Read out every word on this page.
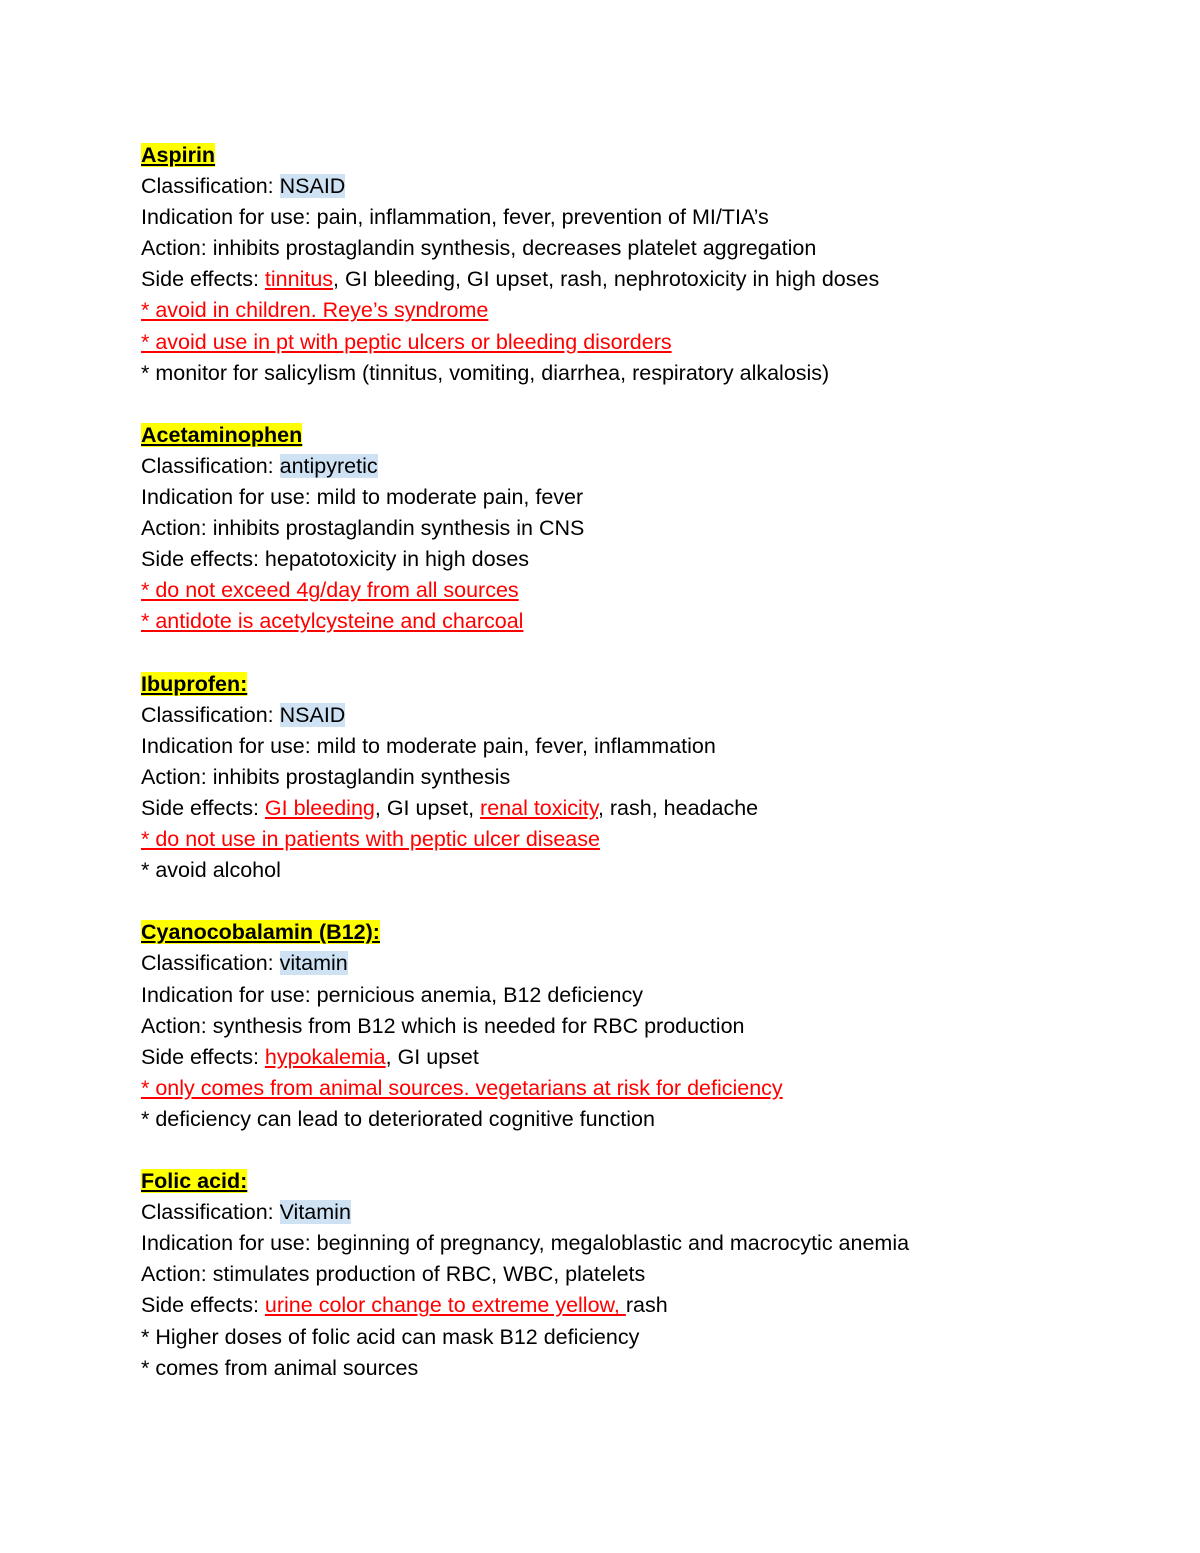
Aspirin
Classification: NSAID
Indication for use: pain, inflammation, fever, prevention of MI/TIA’s
Action: inhibits prostaglandin synthesis, decreases platelet aggregation
Side effects: tinnitus, GI bleeding, GI upset, rash, nephrotoxicity in high doses
* avoid in children. Reye’s syndrome
* avoid use in pt with peptic ulcers or bleeding disorders
* monitor for salicylism (tinnitus, vomiting, diarrhea, respiratory alkalosis)
Acetaminophen
Classification: antipyretic
Indication for use: mild to moderate pain, fever
Action: inhibits prostaglandin synthesis in CNS
Side effects: hepatotoxicity in high doses
* do not exceed 4g/day from all sources
* antidote is acetylcysteine and charcoal
Ibuprofen:
Classification: NSAID
Indication for use: mild to moderate pain, fever, inflammation
Action: inhibits prostaglandin synthesis
Side effects: GI bleeding, GI upset, renal toxicity, rash, headache
* do not use in patients with peptic ulcer disease
* avoid alcohol
Cyanocobalamin (B12):
Classification: vitamin
Indication for use: pernicious anemia, B12 deficiency
Action: synthesis from B12 which is needed for RBC production
Side effects: hypokalemia, GI upset
* only comes from animal sources. vegetarians at risk for deficiency
* deficiency can lead to deteriorated cognitive function
Folic acid:
Classification: Vitamin
Indication for use: beginning of pregnancy, megaloblastic and macrocytic anemia
Action: stimulates production of RBC, WBC, platelets
Side effects: urine color change to extreme yellow, rash
* Higher doses of folic acid can mask B12 deficiency
* comes from animal sources
